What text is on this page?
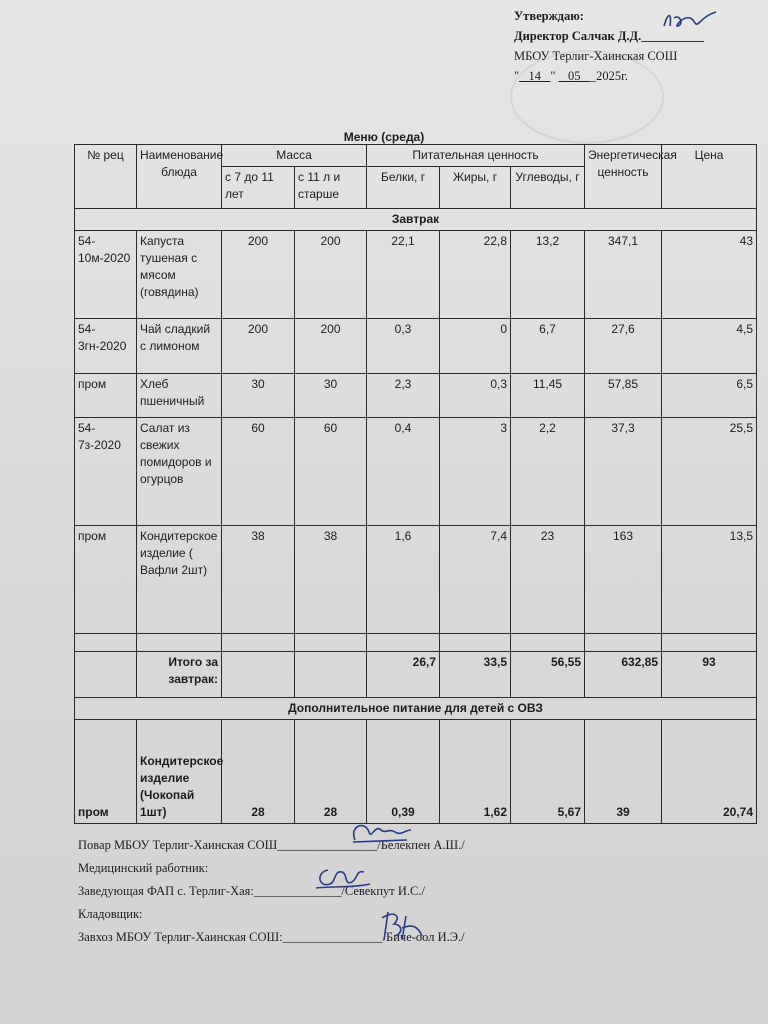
Утверждаю:
Директор Салчак Д.Д.__________
МБОУ Терлиг-Хаинская СОШ
" 14 " 05 _2025г.
Меню (среда)
№ рец	Наименование блюда	Масса		Питательная ценность			Энергетическая ценность	Цена
		с 7 до 11 лет	с 11 л и старше	Белки, г	Жиры, г	Углеводы, г		
Завтрак								
54-10м-2020	Капуста тушеная с мясом (говядина)	200	200	22,1	22,8	13,2	347,1	43
54-3гн-2020	Чай сладкий с лимоном	200	200	0,3	0	6,7	27,6	4,5
пром	Хлеб пшеничный	30	30	2,3	0,3	11,45	57,85	6,5
54-7з-2020	Салат из свежих помидоров и огурцов	60	60	0,4	3	2,2	37,3	25,5
пром	Кондитерское изделие ( Вафли 2шт)	38	38	1,6	7,4	23	163	13,5

	Итого за завтрак:			26,7	33,5	56,55	632,85	93
Дополнительное питание для детей с ОВЗ								
пром	Кондитерское изделие (Чокопай 1шт)	28	28	0,39	1,62	5,67	39	20,74
Повар МБОУ Терлиг-Хаинская СОШ________________/Белекпен А.Ш./
Медицинский работник:
Заведующая ФАП с. Терлиг-Хая:______________/Севекпут И.С./
Кладовщик:
Завхоз МБОУ Терлиг-Хаинская СОШ:________________/Биче-оол И.Э./
